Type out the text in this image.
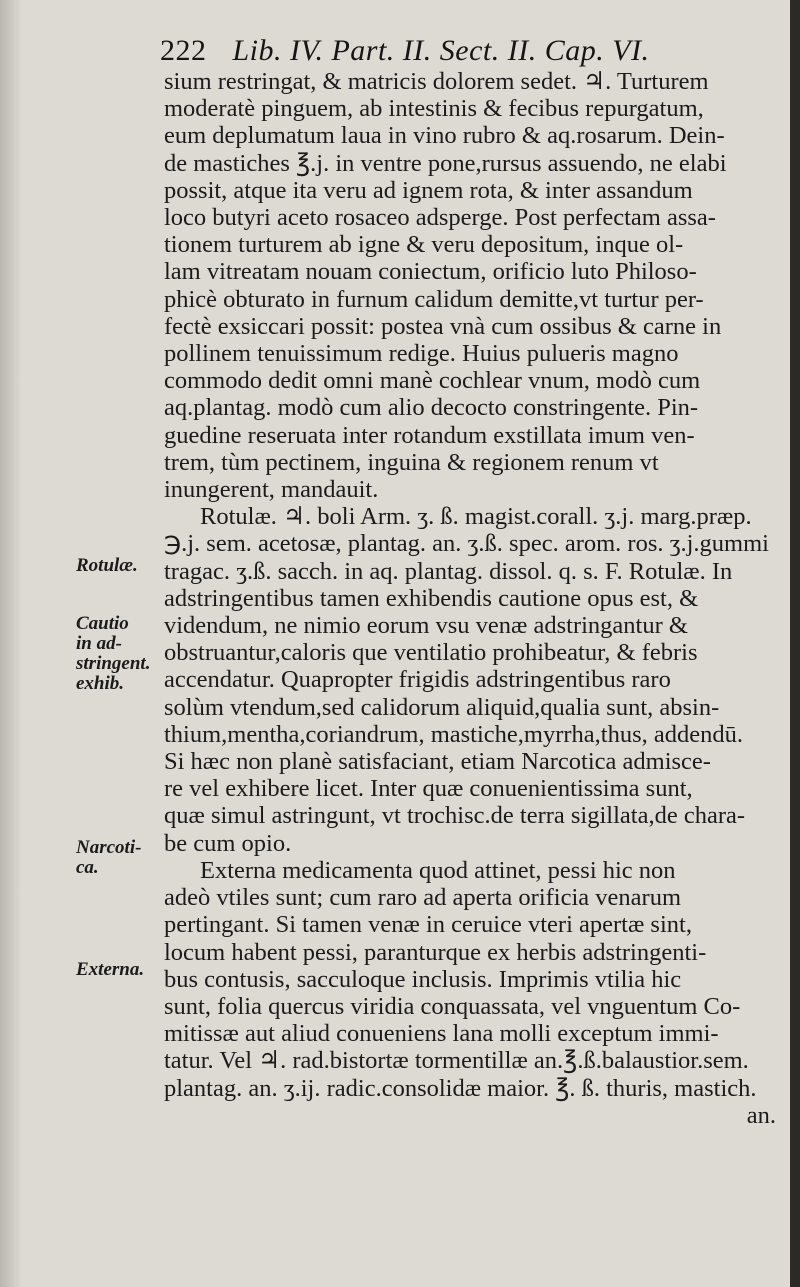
222 Lib. IV. Part. II. Sect. II. Cap. VI.
Rotulæ.
Cautio
in ad-
stringent.
exhib.
Narcoti-
ca.
Externa.
sium restringat, & matricis dolorem sedet. ♃. Turturem
moderatè pinguem, ab intestinis & fecibus repurgatum,
eum deplumatum laua in vino rubro & aq.rosarum. Dein-
de mastiches ℥.j. in ventre pone,rursus assuendo, ne elabi
possit, atque ita veru ad ignem rota, & inter assandum
loco butyri aceto rosaceo adsperge. Post perfectam assa-
tionem turturem ab igne & veru depositum, inque ol-
lam vitreatam nouam coniectum, orificio luto Philoso-
phicè obturato in furnum calidum demitte,vt turtur per-
fectè exsiccari possit: postea vnà cum ossibus & carne in
pollinem tenuissimum redige. Huius pulueris magno
commodo dedit omni manè cochlear vnum, modò cum
aq.plantag. modò cum alio decocto constringente. Pin-
guedine reseruata inter rotandum exstillata imum ven-
trem, tùm pectinem, inguina & regionem renum vt
inungerent, mandauit.
Rotulæ. ♃. boli Arm. ʒ. ß. magist.corall. ʒ.j. marg.præp.
℈.j. sem. acetosæ, plantag. an. ʒ.ß. spec. arom. ros. ʒ.j.gummi
tragac. ʒ.ß. sacch. in aq. plantag. dissol. q. s. F. Rotulæ. In
adstringentibus tamen exhibendis cautione opus est, &
videndum, ne nimio eorum vsu venæ adstringantur &
obstruantur,caloris que ventilatio prohibeatur, & febris
accendatur. Quapropter frigidis adstringentibus raro
solùm vtendum,sed calidorum aliquid,qualia sunt, absin-
thium,mentha,coriandrum, mastiche,myrrha,thus, addendū.
Si hæc non planè satisfaciant, etiam Narcotica admisce-
re vel exhibere licet. Inter quæ conuenientissima sunt,
quæ simul astringunt, vt trochisc.de terra sigillata,de chara-
be cum opio.
Externa medicamenta quod attinet, pessi hic non
adeò vtiles sunt; cum raro ad aperta orificia venarum
pertingant. Si tamen venæ in ceruice vteri apertæ sint,
locum habent pessi, paranturque ex herbis adstringenti-
bus contusis, sacculoque inclusis. Imprimis vtilia hic
sunt, folia quercus viridia conquassata, vel vnguentum Co-
mitissæ aut aliud conueniens lana molli exceptum immi-
tatur. Vel ♃. rad.bistortæ tormentillæ an.℥.ß.balaustior.sem.
plantag. an. ʒ.ij. radic.consolidæ maior. ℥. ß. thuris, mastich.
an.
